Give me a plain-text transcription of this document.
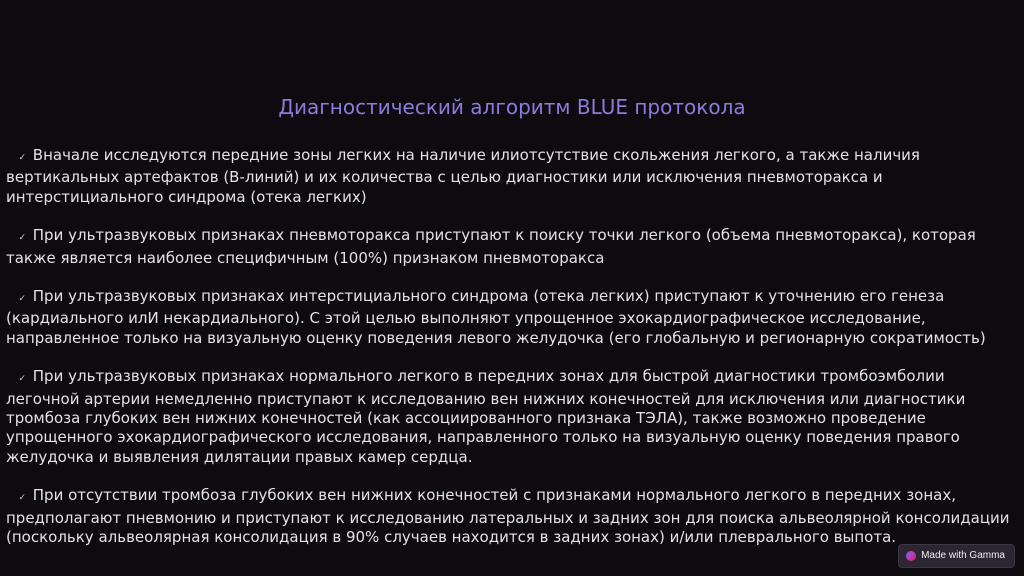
Диагностический алгоритм BLUE протокола

✓ Вначале исследуются передние зоны легких на наличие илиотсутствие скольжения легкого, а также наличия вертикальных артефактов (B-линий) и их количества с целью диагностики или исключения пневмоторакса и интерстициального синдрома (отека легких)

✓ При ультразвуковых признаках пневмоторакса приступают к поиску точки легкого (объема пневмоторакса), которая также является наиболее специфичным (100%) признаком пневмоторакса

✓ При ультразвуковых признаках интерстициального синдрома (отека легких) приступают к уточнению его генеза (кардиального илИ некардиального). С этой целью выполняют упрощенное эхокардиографическое исследование, направленное только на визуальную оценку поведения левого желудочка (его глобальную и регионарную сократимость)

✓ При ультразвуковых признаках нормального легкого в передних зонах для быстрой диагностики тромбоэмболии легочной артерии немедленно приступают к исследованию вен нижних конечностей для исключения или диагностики тромбоза глубоких вен нижних конечностей (как ассоциированного признака ТЭЛА), также возможно проведение упрощенного эхокардиографического исследования, направленного только на визуальную оценку поведения правого желудочка и выявления дилятации правых камер сердца.

✓ При отсутствии тромбоза глубоких вен нижних конечностей с признаками нормального легкого в передних зонах, предполагают пневмонию и приступают к исследованию латеральных и задних зон для поиска альвеолярной консолидации (поскольку альвеолярная консолидация в 90% случаев находится в задних зонах) и/или плеврального выпота.

Made with Gamma
